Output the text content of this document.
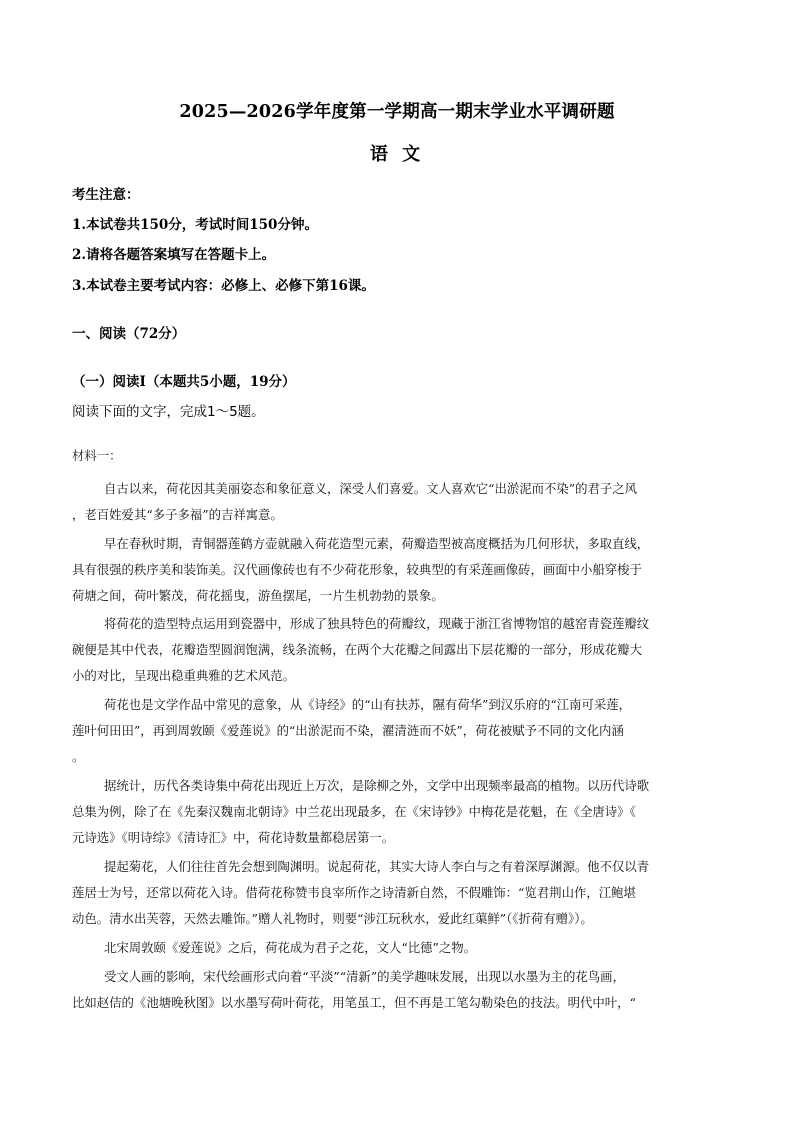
2025—2026学年度第一学期高一期末学业水平调研题
语 文
考生注意：
1.本试卷共150分，考试时间150分钟。
2.请将各题答案填写在答题卡上。
3.本试卷主要考试内容：必修上、必修下第16课。
一、阅读（72分）
（一）阅读Ⅰ（本题共5小题，19分）
阅读下面的文字，完成1～5题。
材料一：
自古以来，荷花因其美丽姿态和象征意义，深受人们喜爱。文人喜欢它“出淤泥而不染”的君子之风
，老百姓爱其“多子多福”的吉祥寓意。
早在春秋时期，青铜器莲鹤方壶就融入荷花造型元素，荷瓣造型被高度概括为几何形状，多取直线，
具有很强的秩序美和装饰美。汉代画像砖也有不少荷花形象，较典型的有采莲画像砖，画面中小船穿梭于
荷塘之间，荷叶繁茂，荷花摇曳，游鱼摆尾，一片生机勃勃的景象。
将荷花的造型特点运用到瓷器中，形成了独具特色的荷瓣纹，现藏于浙江省博物馆的越窑青瓷莲瓣纹
碗便是其中代表，花瓣造型圆润饱满，线条流畅，在两个大花瓣之间露出下层花瓣的一部分，形成花瓣大
小的对比，呈现出稳重典雅的艺术风范。
荷花也是文学作品中常见的意象，从《诗经》的“山有扶苏，隰有荷华”到汉乐府的“江南可采莲，
莲叶何田田”，再到周敦颐《爱莲说》的“出淤泥而不染，濯清涟而不妖”，荷花被赋予不同的文化内涵
。
据统计，历代各类诗集中荷花出现近上万次，是除柳之外，文学中出现频率最高的植物。以历代诗歌
总集为例，除了在《先秦汉魏南北朝诗》中兰花出现最多，在《宋诗钞》中梅花是花魁，在《全唐诗》《
元诗选》《明诗综》《清诗汇》中，荷花诗数量都稳居第一。
提起菊花，人们往往首先会想到陶渊明。说起荷花，其实大诗人李白与之有着深厚渊源。他不仅以青
莲居士为号，还常以荷花入诗。借荷花称赞韦良宰所作之诗清新自然，不假雕饰：“览君荆山作，江鲍堪
动色。清水出芙蓉，天然去雕饰。”赠人礼物时，则要“涉江玩秋水，爱此红蕖鲜”（《折荷有赠》）。
北宋周敦颐《爱莲说》之后，荷花成为君子之花，文人“比德”之物。
受文人画的影响，宋代绘画形式向着“平淡”“清新”的美学趣味发展，出现以水墨为主的花鸟画，
比如赵佶的《池塘晚秋图》以水墨写荷叶荷花，用笔虽工，但不再是工笔勾勒染色的技法。明代中叶，“
